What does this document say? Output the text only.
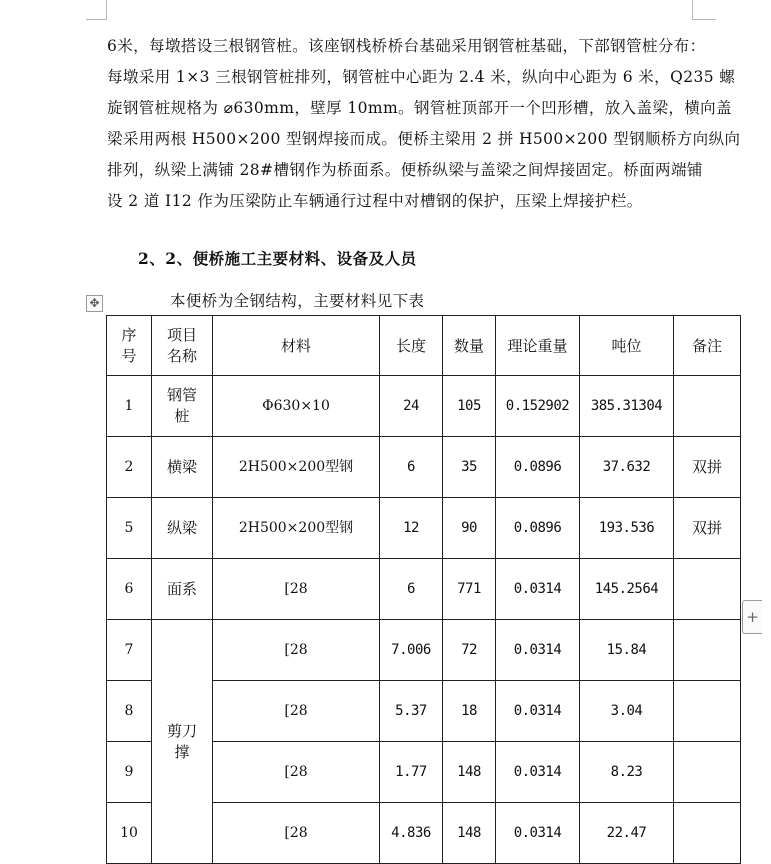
6米，每墩搭设三根钢管桩。该座钢栈桥桥台基础采用钢管桩基础，下部钢管桩分布：
每墩采用 1×3 三根钢管桩排列，钢管桩中心距为 2.4 米，纵向中心距为 6 米，Q235 螺
旋钢管桩规格为 ⌀630mm，壁厚 10mm。钢管桩顶部开一个凹形槽，放入盖梁，横向盖
梁采用两根 H500×200 型钢焊接而成。便桥主梁用 2 拼 H500×200 型钢顺桥方向纵向
排列，纵梁上满铺 28#槽钢作为桥面系。便桥纵梁与盖梁之间焊接固定。桥面两端铺
设 2 道 I12 作为压梁防止车辆通行过程中对槽钢的保护，压梁上焊接护栏。
2、2、便桥施工主要材料、设备及人员
✥	本便桥为全钢结构，主要材料见下表
序号	项目名称	材料	长度	数量	理论重量	吨位	备注
1	钢管桩	Φ630×10	24	105	0.152902	385.31304	
2	横梁	2H500×200型钢	6	35	0.0896	37.632	双拼
5	纵梁	2H500×200型钢	12	90	0.0896	193.536	双拼
6	面系	[28	6	771	0.0314	145.2564	
7	剪刀撑	[28	7.006	72	0.0314	15.84	
8		[28	5.37	18	0.0314	3.04	
9		[28	1.77	148	0.0314	8.23	
10		[28	4.836	148	0.0314	22.47	
+
